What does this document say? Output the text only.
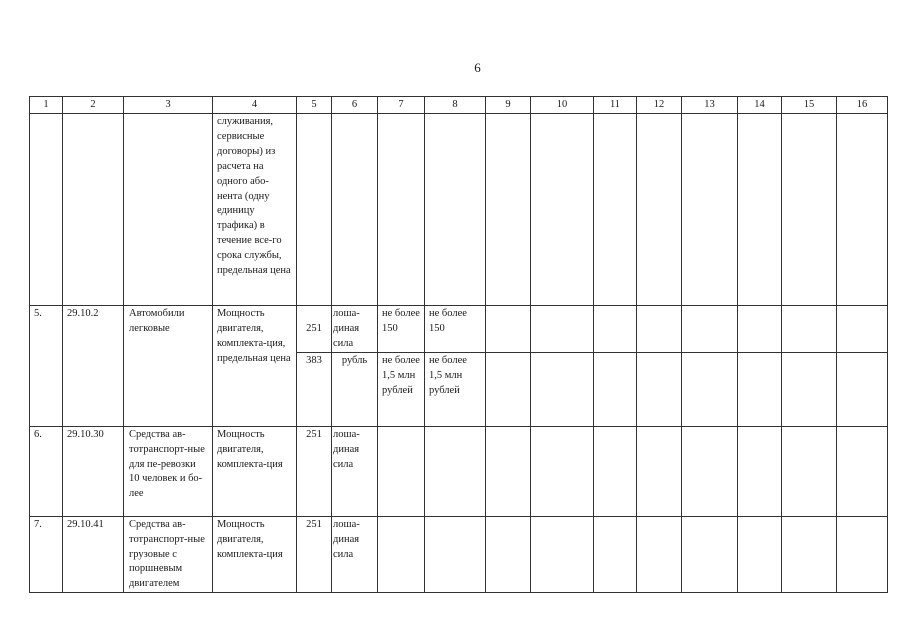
6
1	2	3	4	5	6	7	8	9	10	11	12	13	14	15	16
			служивания, сервисные договоры) из расчета на одного або-нента (одну единицу трафика) в течение все-го срока службы, предельная цена												
5.	29.10.2	Автомобили легковые	Мощность двигателя, комплекта-ция, предельная цена	251	лоша-диная сила	не более 150	не более 150								
				383	рубль	не более 1,5 млн рублей	не более 1,5 млн рублей								
6.	29.10.30	Средства ав-тотранспорт-ные для пе-ревозки 10 человек и бо-лее	Мощность двигателя, комплекта-ция	251	лоша-диная сила										
7.	29.10.41	Средства ав-тотранспорт-ные грузовые с поршневым двигателем	Мощность двигателя, комплекта-ция	251	лоша-диная сила										
